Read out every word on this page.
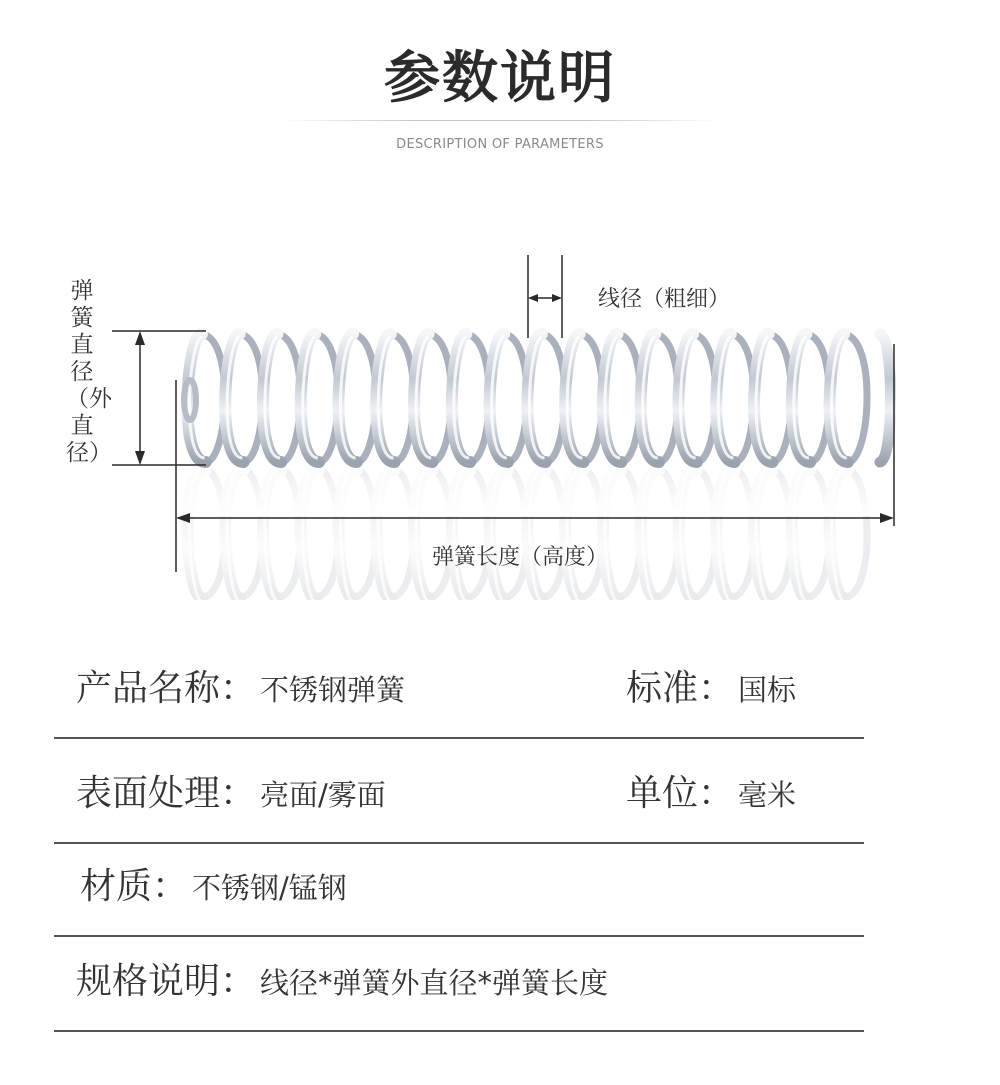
参数说明
DESCRIPTION OF PARAMETERS
弹簧直径（外直径）
线径（粗细）
弹簧长度（高度）
产品名称： 不锈钢弹簧	标准： 国标
表面处理： 亮面/雾面	单位： 毫米
材质： 不锈钢/锰钢
规格说明： 线径*弹簧外直径*弹簧长度
